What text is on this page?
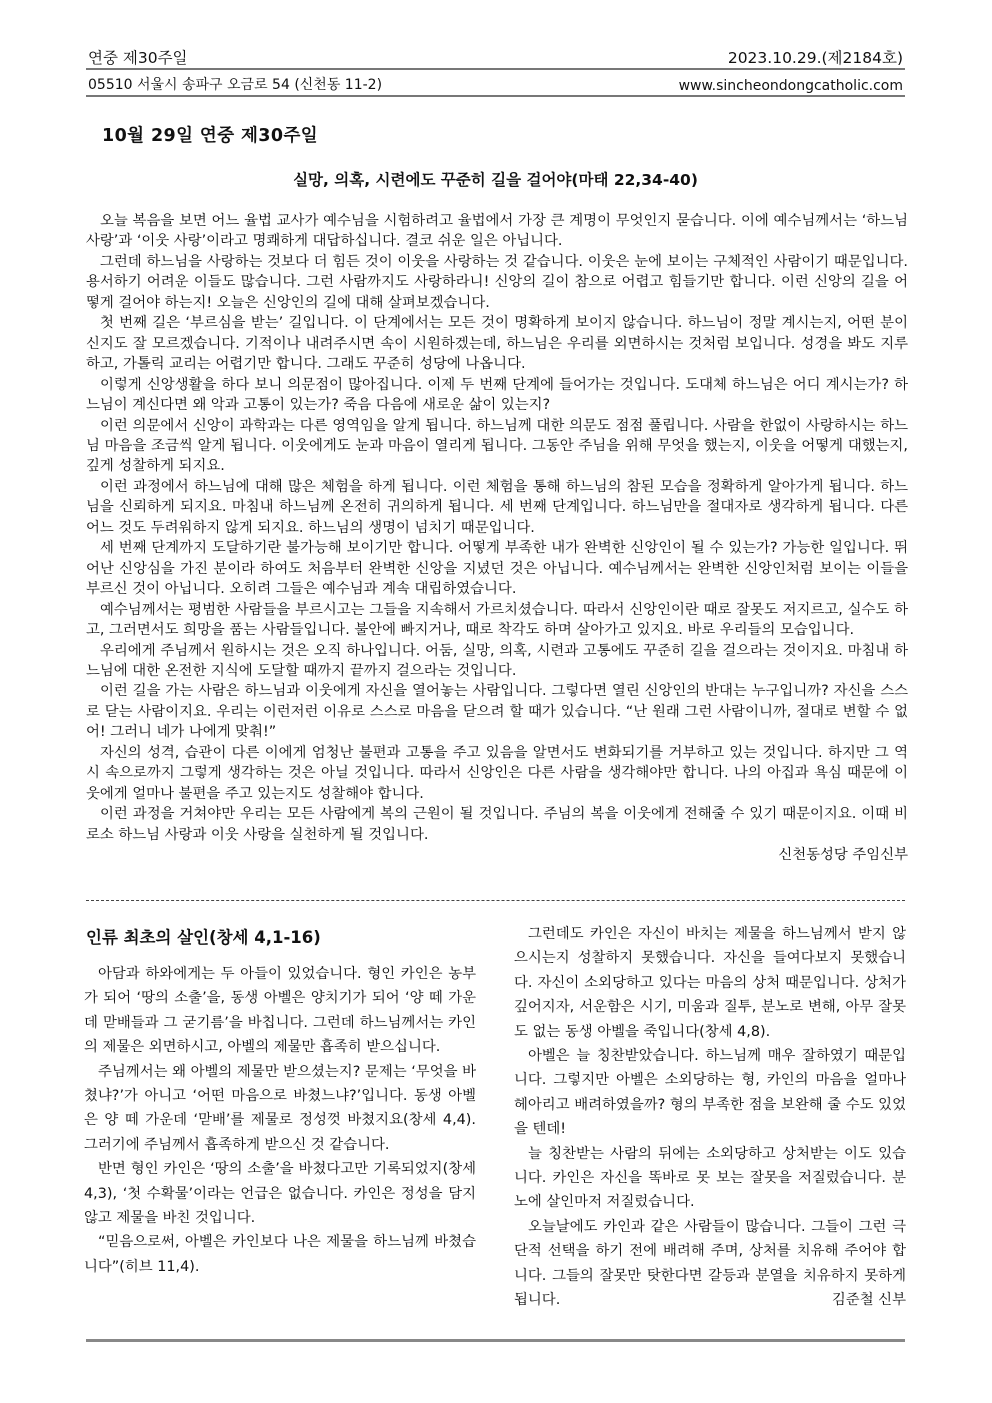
연중 제30주일	2023.10.29.(제2184호)
05510 서울시 송파구 오금로 54 (신천동 11-2)	www.sincheondongcatholic.com
10월 29일 연중 제30주일
실망, 의혹, 시련에도 꾸준히 길을 걸어야(마태 22,34-40)

오늘 복음을 보면 어느 율법 교사가 예수님을 시험하려고 율법에서 가장 큰 계명이 무엇인지 묻습니다. 이에 예수님께서는 ‘하느님 사랑’과 ‘이웃 사랑’이라고 명쾌하게 대답하십니다. 결코 쉬운 일은 아닙니다.

그런데 하느님을 사랑하는 것보다 더 힘든 것이 이웃을 사랑하는 것 같습니다. 이웃은 눈에 보이는 구체적인 사람이기 때문입니다. 용서하기 어려운 이들도 많습니다. 그런 사람까지도 사랑하라니! 신앙의 길이 참으로 어렵고 힘들기만 합니다. 이런 신앙의 길을 어떻게 걸어야 하는지! 오늘은 신앙인의 길에 대해 살펴보겠습니다.

첫 번째 길은 ‘부르심을 받는’ 길입니다. 이 단계에서는 모든 것이 명확하게 보이지 않습니다. 하느님이 정말 계시는지, 어떤 분이신지도 잘 모르겠습니다. 기적이나 내려주시면 속이 시원하겠는데, 하느님은 우리를 외면하시는 것처럼 보입니다. 성경을 봐도 지루하고, 가톨릭 교리는 어렵기만 합니다. 그래도 꾸준히 성당에 나옵니다.

이렇게 신앙생활을 하다 보니 의문점이 많아집니다. 이제 두 번째 단계에 들어가는 것입니다. 도대체 하느님은 어디 계시는가? 하느님이 계신다면 왜 악과 고통이 있는가? 죽음 다음에 새로운 삶이 있는지?

이런 의문에서 신앙이 과학과는 다른 영역임을 알게 됩니다. 하느님께 대한 의문도 점점 풀립니다. 사람을 한없이 사랑하시는 하느님 마음을 조금씩 알게 됩니다. 이웃에게도 눈과 마음이 열리게 됩니다. 그동안 주님을 위해 무엇을 했는지, 이웃을 어떻게 대했는지, 깊게 성찰하게 되지요.

이런 과정에서 하느님에 대해 많은 체험을 하게 됩니다. 이런 체험을 통해 하느님의 참된 모습을 정확하게 알아가게 됩니다. 하느님을 신뢰하게 되지요. 마침내 하느님께 온전히 귀의하게 됩니다. 세 번째 단계입니다. 하느님만을 절대자로 생각하게 됩니다. 다른 어느 것도 두려워하지 않게 되지요. 하느님의 생명이 넘치기 때문입니다.

세 번째 단계까지 도달하기란 불가능해 보이기만 합니다. 어떻게 부족한 내가 완벽한 신앙인이 될 수 있는가? 가능한 일입니다. 뛰어난 신앙심을 가진 분이라 하여도 처음부터 완벽한 신앙을 지녔던 것은 아닙니다. 예수님께서는 완벽한 신앙인처럼 보이는 이들을 부르신 것이 아닙니다. 오히려 그들은 예수님과 계속 대립하였습니다.

예수님께서는 평범한 사람들을 부르시고는 그들을 지속해서 가르치셨습니다. 따라서 신앙인이란 때로 잘못도 저지르고, 실수도 하고, 그러면서도 희망을 품는 사람들입니다. 불안에 빠지거나, 때로 착각도 하며 살아가고 있지요. 바로 우리들의 모습입니다.

우리에게 주님께서 원하시는 것은 오직 하나입니다. 어둠, 실망, 의혹, 시련과 고통에도 꾸준히 길을 걸으라는 것이지요. 마침내 하느님에 대한 온전한 지식에 도달할 때까지 끝까지 걸으라는 것입니다.

이런 길을 가는 사람은 하느님과 이웃에게 자신을 열어놓는 사람입니다. 그렇다면 열린 신앙인의 반대는 누구입니까? 자신을 스스로 닫는 사람이지요. 우리는 이런저런 이유로 스스로 마음을 닫으려 할 때가 있습니다. “난 원래 그런 사람이니까, 절대로 변할 수 없어! 그러니 네가 나에게 맞춰!”

자신의 성격, 습관이 다른 이에게 엄청난 불편과 고통을 주고 있음을 알면서도 변화되기를 거부하고 있는 것입니다. 하지만 그 역시 속으로까지 그렇게 생각하는 것은 아닐 것입니다. 따라서 신앙인은 다른 사람을 생각해야만 합니다. 나의 아집과 욕심 때문에 이웃에게 얼마나 불편을 주고 있는지도 성찰해야 합니다.

이런 과정을 거쳐야만 우리는 모든 사람에게 복의 근원이 될 것입니다. 주님의 복을 이웃에게 전해줄 수 있기 때문이지요. 이때 비로소 하느님 사랑과 이웃 사랑을 실천하게 될 것입니다.
신천동성당 주임신부

인류 최초의 살인(창세 4,1-16)

아담과 하와에게는 두 아들이 있었습니다. 형인 카인은 농부가 되어 ‘땅의 소출’을, 동생 아벨은 양치기가 되어 ‘양 떼 가운데 맏배들과 그 굳기름’을 바칩니다. 그런데 하느님께서는 카인의 제물은 외면하시고, 아벨의 제물만 흡족히 받으십니다.

주님께서는 왜 아벨의 제물만 받으셨는지? 문제는 ‘무엇을 바쳤냐?’가 아니고 ‘어떤 마음으로 바쳤느냐?’입니다. 동생 아벨은 양 떼 가운데 ‘맏배’를 제물로 정성껏 바쳤지요(창세 4,4). 그러기에 주님께서 흡족하게 받으신 것 같습니다.

반면 형인 카인은 ‘땅의 소출’을 바쳤다고만 기록되었지(창세 4,3), ‘첫 수확물’이라는 언급은 없습니다. 카인은 정성을 담지 않고 제물을 바친 것입니다.

“믿음으로써, 아벨은 카인보다 나은 제물을 하느님께 바쳤습니다”(히브 11,4).

그런데도 카인은 자신이 바치는 제물을 하느님께서 받지 않으시는지 성찰하지 못했습니다. 자신을 들여다보지 못했습니다. 자신이 소외당하고 있다는 마음의 상처 때문입니다. 상처가 깊어지자, 서운함은 시기, 미움과 질투, 분노로 변해, 아무 잘못도 없는 동생 아벨을 죽입니다(창세 4,8).

아벨은 늘 칭찬받았습니다. 하느님께 매우 잘하였기 때문입니다. 그렇지만 아벨은 소외당하는 형, 카인의 마음을 얼마나 헤아리고 배려하였을까? 형의 부족한 점을 보완해 줄 수도 있었을 텐데!

늘 칭찬받는 사람의 뒤에는 소외당하고 상처받는 이도 있습니다. 카인은 자신을 똑바로 못 보는 잘못을 저질렀습니다. 분노에 살인마저 저질렀습니다.

오늘날에도 카인과 같은 사람들이 많습니다. 그들이 그런 극단적 선택을 하기 전에 배려해 주며, 상처를 치유해 주어야 합니다. 그들의 잘못만 탓한다면 갈등과 분열을 치유하지 못하게 됩니다.	김준철 신부
